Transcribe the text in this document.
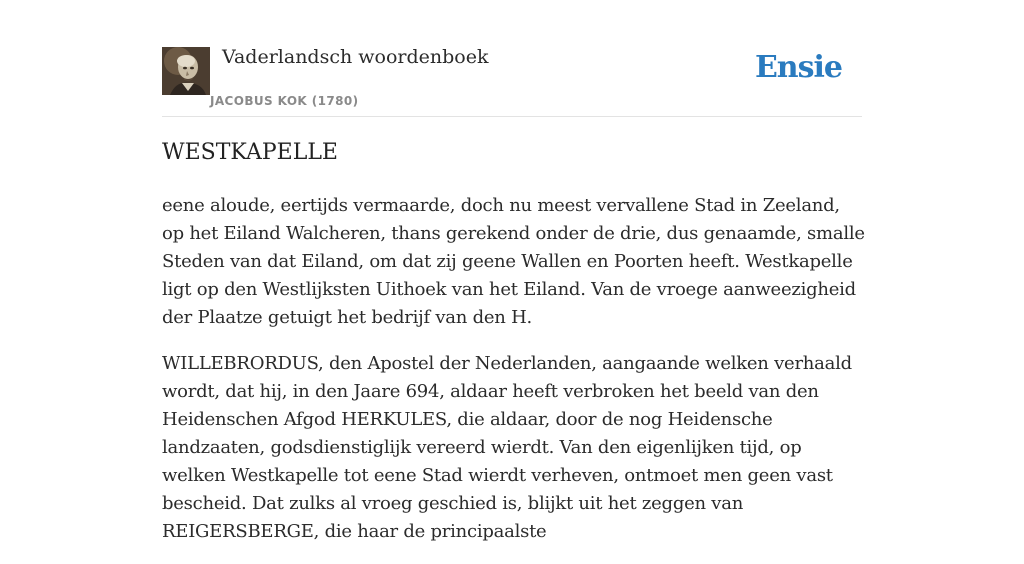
Vaderlandsch woordenboek
JACOBUS KOK (1780)
Ensie
WESTKAPELLE

eene aloude, eertijds vermaarde, doch nu meest vervallene Stad in Zeeland, op het Eiland Walcheren, thans gerekend onder de drie, dus genaamde, smalle Steden van dat Eiland, om dat zij geene Wallen en Poorten heeft. Westkapelle ligt op den Westlijksten Uithoek van het Eiland. Van de vroege aanweezigheid der Plaatze getuigt het bedrijf van den H.

WILLEBRORDUS, den Apostel der Nederlanden, aangaande welken verhaald wordt, dat hij, in den Jaare 694, aldaar heeft verbroken het beeld van den Heidenschen Afgod HERKULES, die aldaar, door de nog Heidensche landzaaten, godsdienstiglijk vereerd wierdt. Van den eigenlijken tijd, op welken Westkapelle tot eene Stad wierdt verheven, ontmoet men geen vast bescheid. Dat zulks al vroeg geschied is, blijkt uit het zeggen van REIGERSBERGE, die haar de principaalste
